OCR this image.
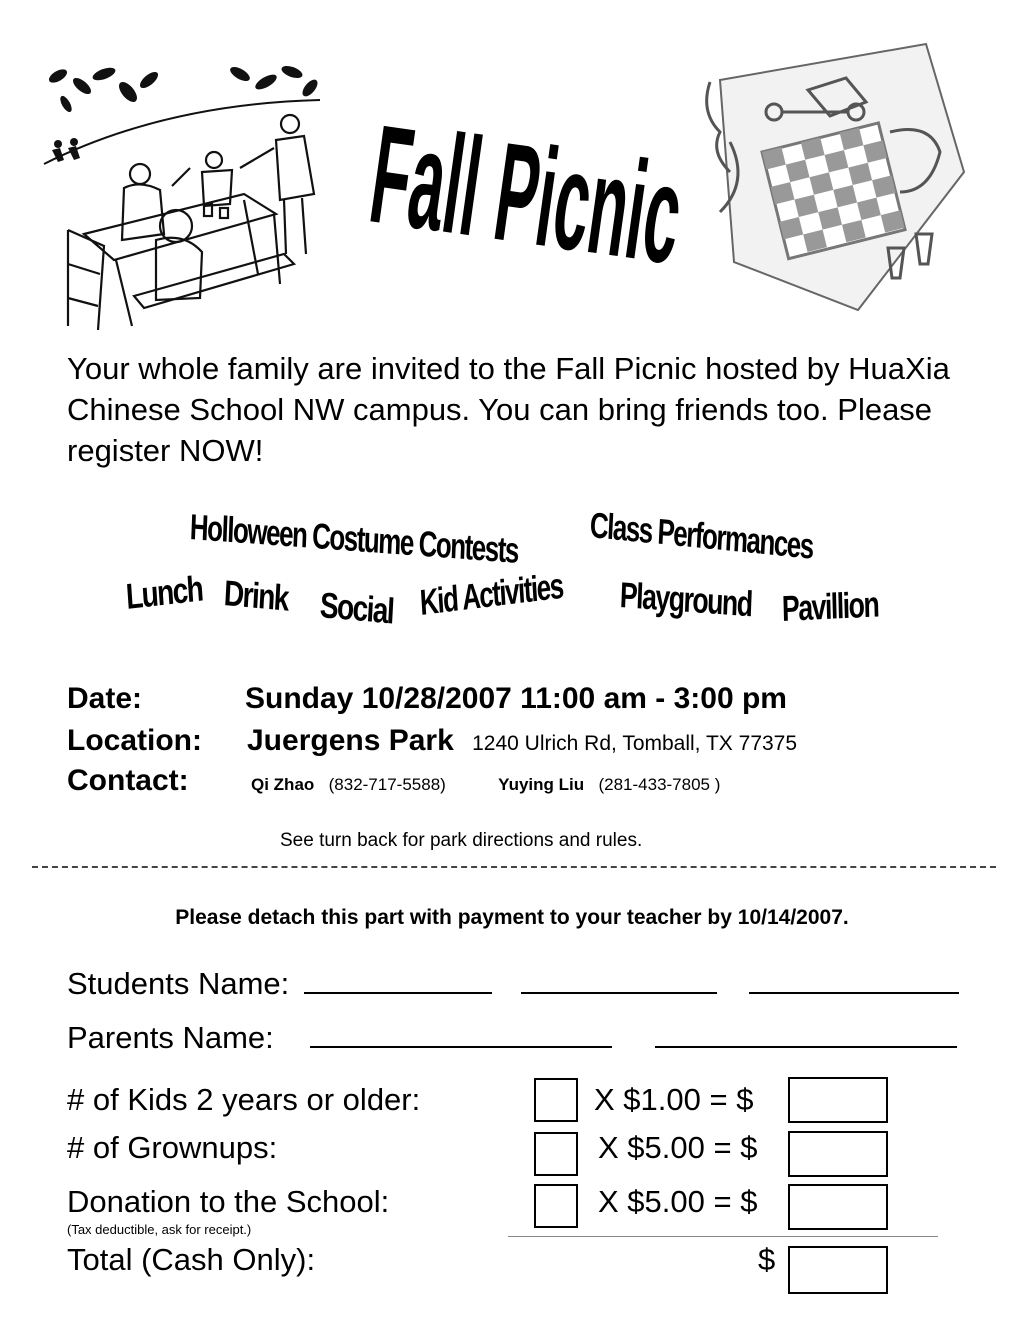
Fall Picnic
Your whole family are invited to the Fall Picnic hosted by HuaXia Chinese School NW campus. You can bring friends too. Please register NOW!
Holloween Costume Contests Class Performances
Lunch Drink Social Kid Activities Playground Pavillion
Date:	Sunday 10/28/2007 11:00 am - 3:00 pm
Location: Juergens Park 1240 Ulrich Rd, Tomball, TX 77375
Contact:	Qi Zhao (832-717-5588)	Yuying Liu (281-433-7805 )
See turn back for park directions and rules.
Please detach this part with payment to your teacher by 10/14/2007.
Students Name:
Parents Name:
# of Kids 2 years or older:	X $1.00 = $
# of Grownups:	X $5.00 = $
Donation to the School:	X $5.00 = $
(Tax deductible, ask for receipt.)
Total (Cash Only):	$
